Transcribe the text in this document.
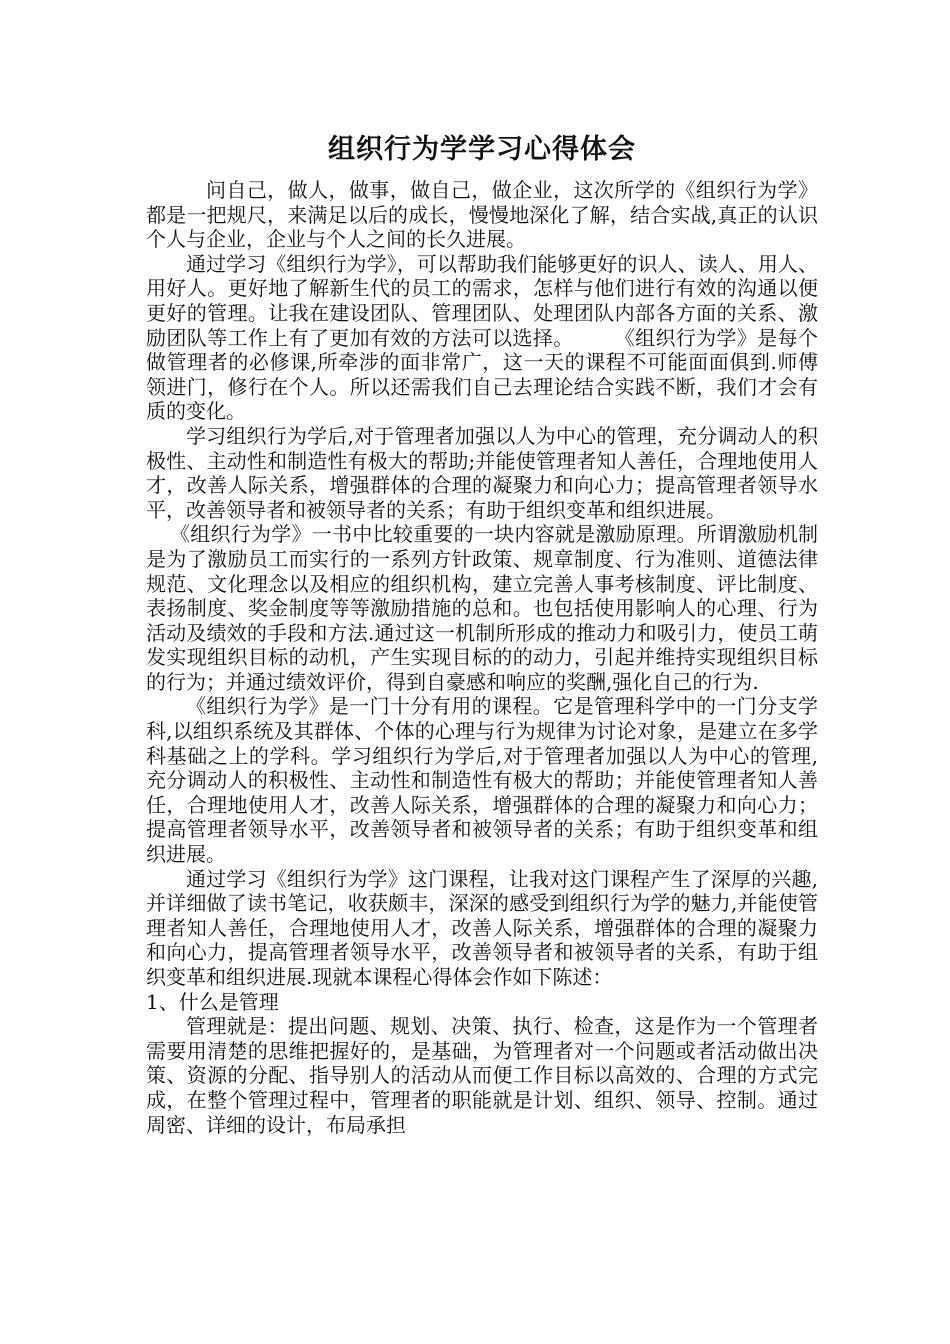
组织行为学学习心得体会

问自己，做人，做事，做自己，做企业，这次所学的《组织行为学》都是一把规尺，来满足以后的成长，慢慢地深化了解，结合实战,真正的认识个人与企业，企业与个人之间的长久进展。

通过学习《组织行为学》，可以帮助我们能够更好的识人、读人、用人、用好人。更好地了解新生代的员工的需求，怎样与他们进行有效的沟通以便更好的管理。让我在建设团队、管理团队、处理团队内部各方面的关系、激励团队等工作上有了更加有效的方法可以选择。　　　《组织行为学》是每个做管理者的必修课,所牵涉的面非常广，这一天的课程不可能面面俱到.师傅领进门，修行在个人。所以还需我们自己去理论结合实践不断，我们才会有质的变化。

学习组织行为学后,对于管理者加强以人为中心的管理，充分调动人的积极性、主动性和制造性有极大的帮助;并能使管理者知人善任，合理地使用人才，改善人际关系，增强群体的合理的凝聚力和向心力；提高管理者领导水平，改善领导者和被领导者的关系；有助于组织变革和组织进展。

《组织行为学》一书中比较重要的一块内容就是激励原理。所谓激励机制是为了激励员工而实行的一系列方针政策、规章制度、行为准则、道德法律规范、文化理念以及相应的组织机构，建立完善人事考核制度、评比制度、表扬制度、奖金制度等等激励措施的总和。也包括使用影响人的心理、行为活动及绩效的手段和方法.通过这一机制所形成的推动力和吸引力，使员工萌发实现组织目标的动机，产生实现目标的的动力，引起并维持实现组织目标的行为；并通过绩效评价，得到自豪感和响应的奖酬,强化自己的行为.

《组织行为学》是一门十分有用的课程。它是管理科学中的一门分支学科,以组织系统及其群体、个体的心理与行为规律为讨论对象，是建立在多学科基础之上的学科。学习组织行为学后,对于管理者加强以人为中心的管理,充分调动人的积极性、主动性和制造性有极大的帮助；并能使管理者知人善任，合理地使用人才，改善人际关系，增强群体的合理的凝聚力和向心力；提高管理者领导水平，改善领导者和被领导者的关系；有助于组织变革和组织进展。

通过学习《组织行为学》这门课程，让我对这门课程产生了深厚的兴趣,并详细做了读书笔记，收获颇丰，深深的感受到组织行为学的魅力,并能使管理者知人善任，合理地使用人才，改善人际关系，增强群体的合理的凝聚力和向心力，提高管理者领导水平，改善领导者和被领导者的关系，有助于组织变革和组织进展.现就本课程心得体会作如下陈述：

1、什么是管理

管理就是：提出问题、规划、决策、执行、检查，这是作为一个管理者需要用清楚的思维把握好的，是基础，为管理者对一个问题或者活动做出决策、资源的分配、指导别人的活动从而便工作目标以高效的、合理的方式完成，在整个管理过程中，管理者的职能就是计划、组织、领导、控制。通过周密、详细的设计，布局承担
